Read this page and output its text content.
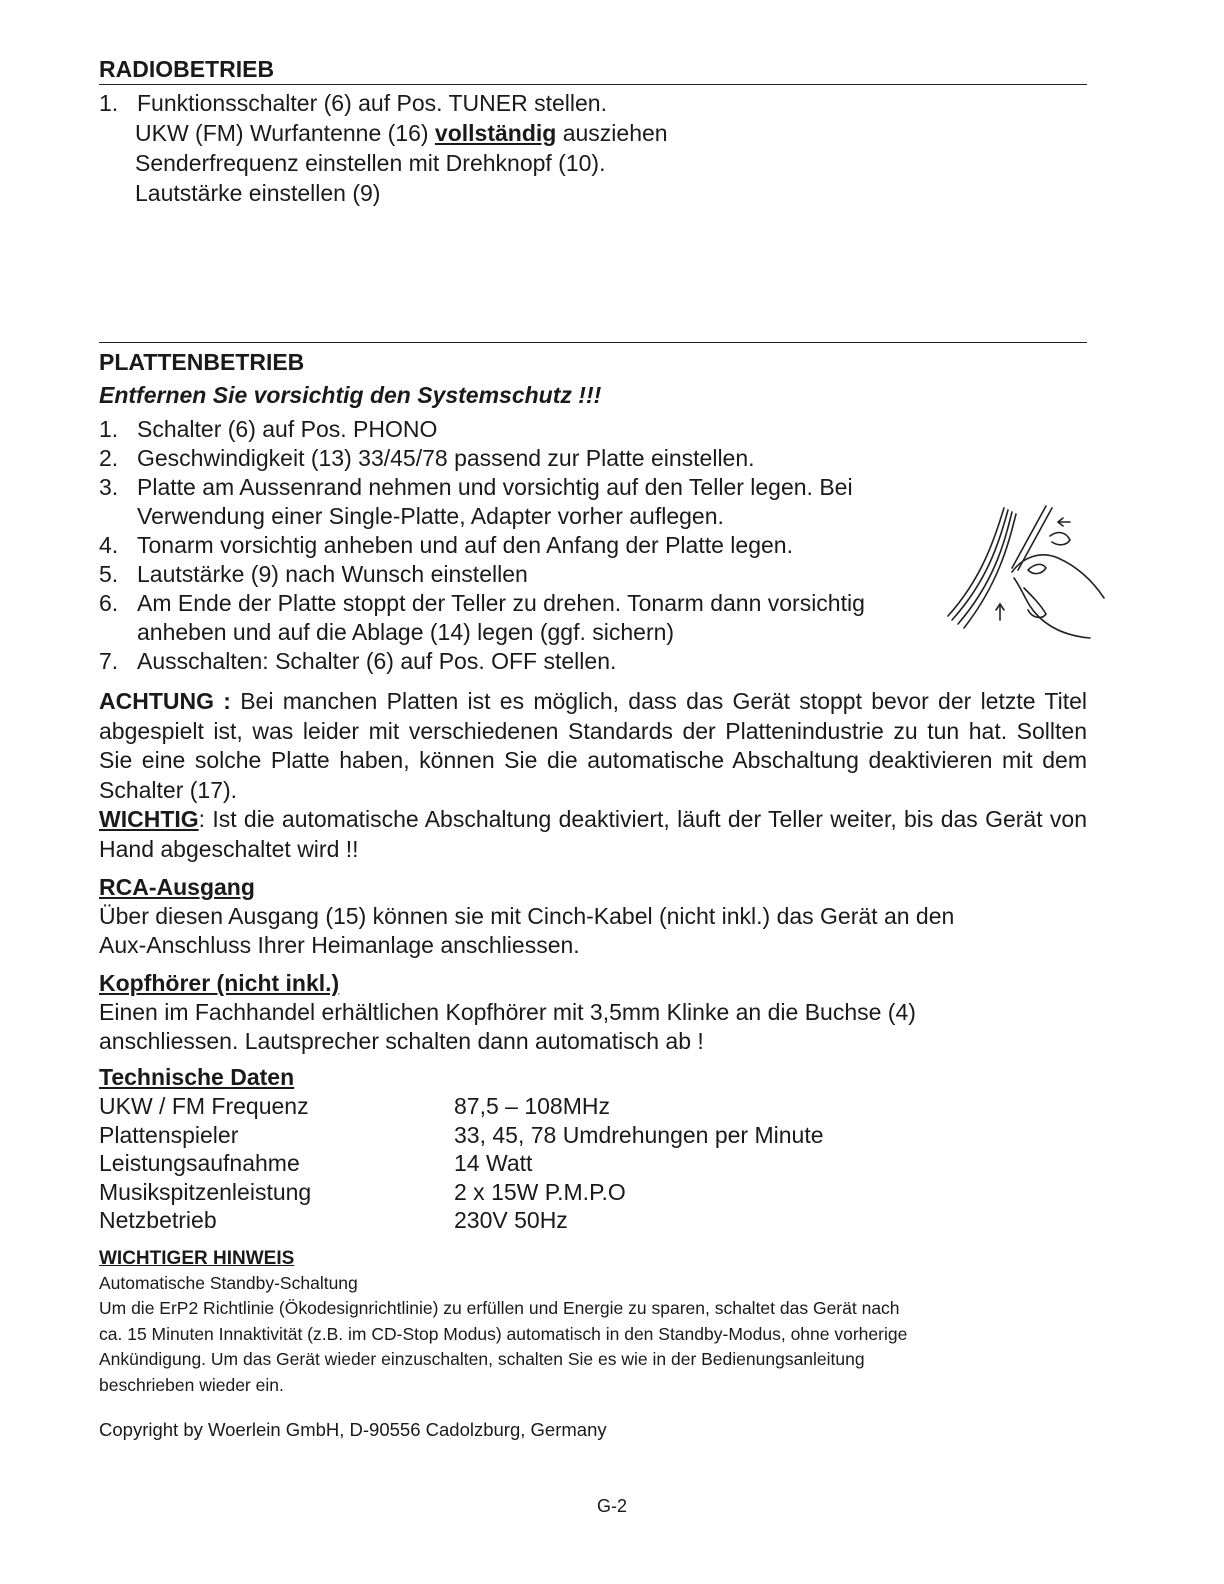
RADIOBETRIEB
1. Funktionsschalter (6) auf Pos. TUNER stellen.
UKW (FM) Wurfantenne (16) vollständig ausziehen
Senderfrequenz einstellen mit Drehknopf (10).
Lautstärke einstellen (9)
PLATTENBETRIEB
Entfernen Sie vorsichtig den Systemschutz !!!
1. Schalter (6) auf Pos. PHONO
2. Geschwindigkeit (13) 33/45/78 passend zur Platte einstellen.
3. Platte am Aussenrand nehmen und vorsichtig auf den Teller legen. Bei
Verwendung einer Single-Platte, Adapter vorher auflegen.
4. Tonarm vorsichtig anheben und auf den Anfang der Platte legen.
5. Lautstärke (9) nach Wunsch einstellen
6. Am Ende der Platte stoppt der Teller zu drehen. Tonarm dann vorsichtig
anheben und auf die Ablage (14) legen (ggf. sichern)
7. Ausschalten: Schalter (6) auf Pos. OFF stellen.
ACHTUNG : Bei manchen Platten ist es möglich, dass das Gerät stoppt bevor der letzte Titel abgespielt ist, was leider mit verschiedenen Standards der Plattenindustrie zu tun hat. Sollten Sie eine solche Platte haben, können Sie die automatische Abschaltung deaktivieren mit dem Schalter (17).
WICHTIG: Ist die automatische Abschaltung deaktiviert, läuft der Teller weiter, bis das Gerät von Hand abgeschaltet wird !!
RCA-Ausgang
Über diesen Ausgang (15) können sie mit Cinch-Kabel (nicht inkl.) das Gerät an den
Aux-Anschluss Ihrer Heimanlage anschliessen.
Kopfhörer (nicht inkl.)
Einen im Fachhandel erhältlichen Kopfhörer mit 3,5mm Klinke an die Buchse (4)
anschliessen. Lautsprecher schalten dann automatisch ab !
Technische Daten
UKW / FM Frequenz	87,5 – 108MHz
Plattenspieler	33, 45, 78 Umdrehungen per Minute
Leistungsaufnahme	14 Watt
Musikspitzenleistung	2 x 15W P.M.P.O
Netzbetrieb	230V 50Hz
WICHTIGER HINWEIS
Automatische Standby-Schaltung
Um die ErP2 Richtlinie (Ökodesignrichtlinie) zu erfüllen und Energie zu sparen, schaltet das Gerät nach
ca. 15 Minuten Innaktivität (z.B. im CD-Stop Modus) automatisch in den Standby-Modus, ohne vorherige
Ankündigung. Um das Gerät wieder einzuschalten, schalten Sie es wie in der Bedienungsanleitung
beschrieben wieder ein.
Copyright by Woerlein GmbH, D-90556 Cadolzburg, Germany
G-2
